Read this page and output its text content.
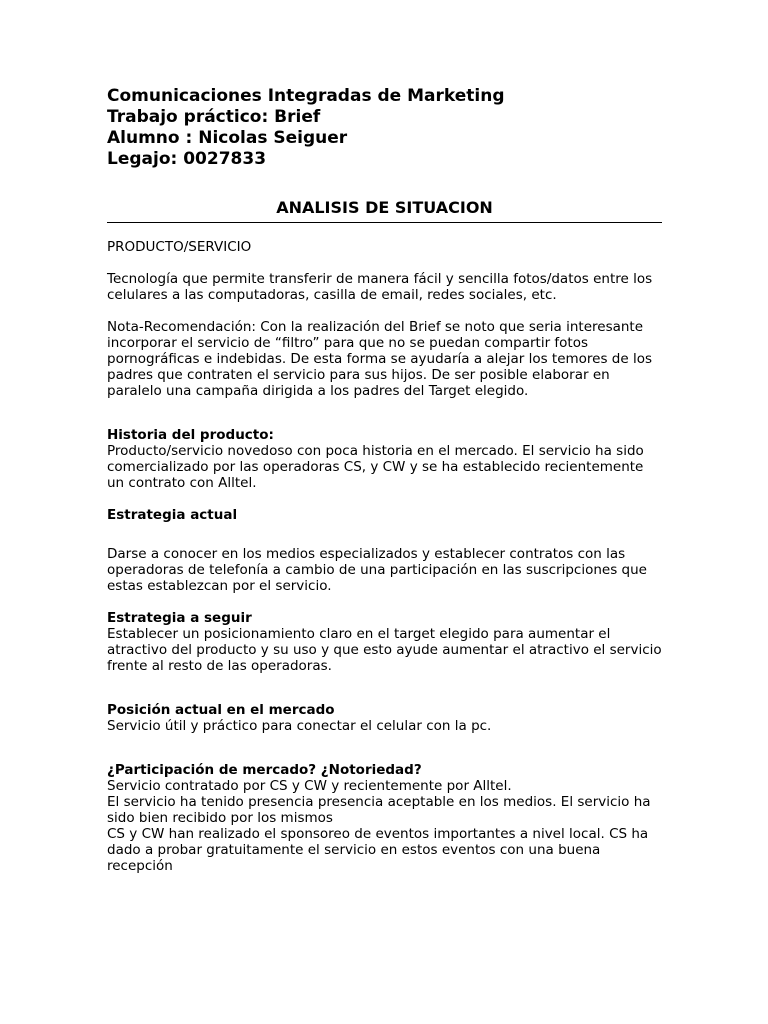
Comunicaciones Integradas de Marketing

Trabajo práctico: Brief

Alumno : Nicolas Seiguer

Legajo: 0027833

ANALISIS DE SITUACION

PRODUCTO/SERVICIO

Tecnología que permite transferir de manera fácil y sencilla fotos/datos entre los celulares a las computadoras, casilla de email, redes sociales, etc.

Nota-Recomendación: Con la realización del Brief se noto que seria interesante incorporar el servicio de “filtro” para que no se puedan compartir fotos pornográficas e indebidas. De esta forma se ayudaría a alejar los temores de los padres que contraten el servicio para sus hijos. De ser posible elaborar en paralelo una campaña dirigida a los padres del Target elegido.

Historia del producto:

Producto/servicio novedoso con poca historia en el mercado. El servicio ha sido comercializado por las operadoras CS, y CW y se ha establecido recientemente un contrato con Alltel.

Estrategia actual

Darse a conocer en los medios especializados y establecer contratos con las operadoras de telefonía a cambio de una participación en las suscripciones que estas establezcan por el servicio.

Estrategia a seguir

Establecer un posicionamiento claro en el target elegido para aumentar el atractivo del producto y su uso y que esto ayude aumentar el atractivo el servicio frente al resto de las operadoras.

Posición actual en el mercado

Servicio útil y práctico para conectar el celular con la pc.

¿Participación de mercado? ¿Notoriedad?

Servicio contratado por CS y CW y recientemente por Alltel.

El servicio ha tenido presencia presencia aceptable en los medios. El servicio ha sido bien recibido por los mismos

CS y CW han realizado el sponsoreo de eventos importantes a nivel local. CS ha dado a probar gratuitamente el servicio en estos eventos con una buena recepción
